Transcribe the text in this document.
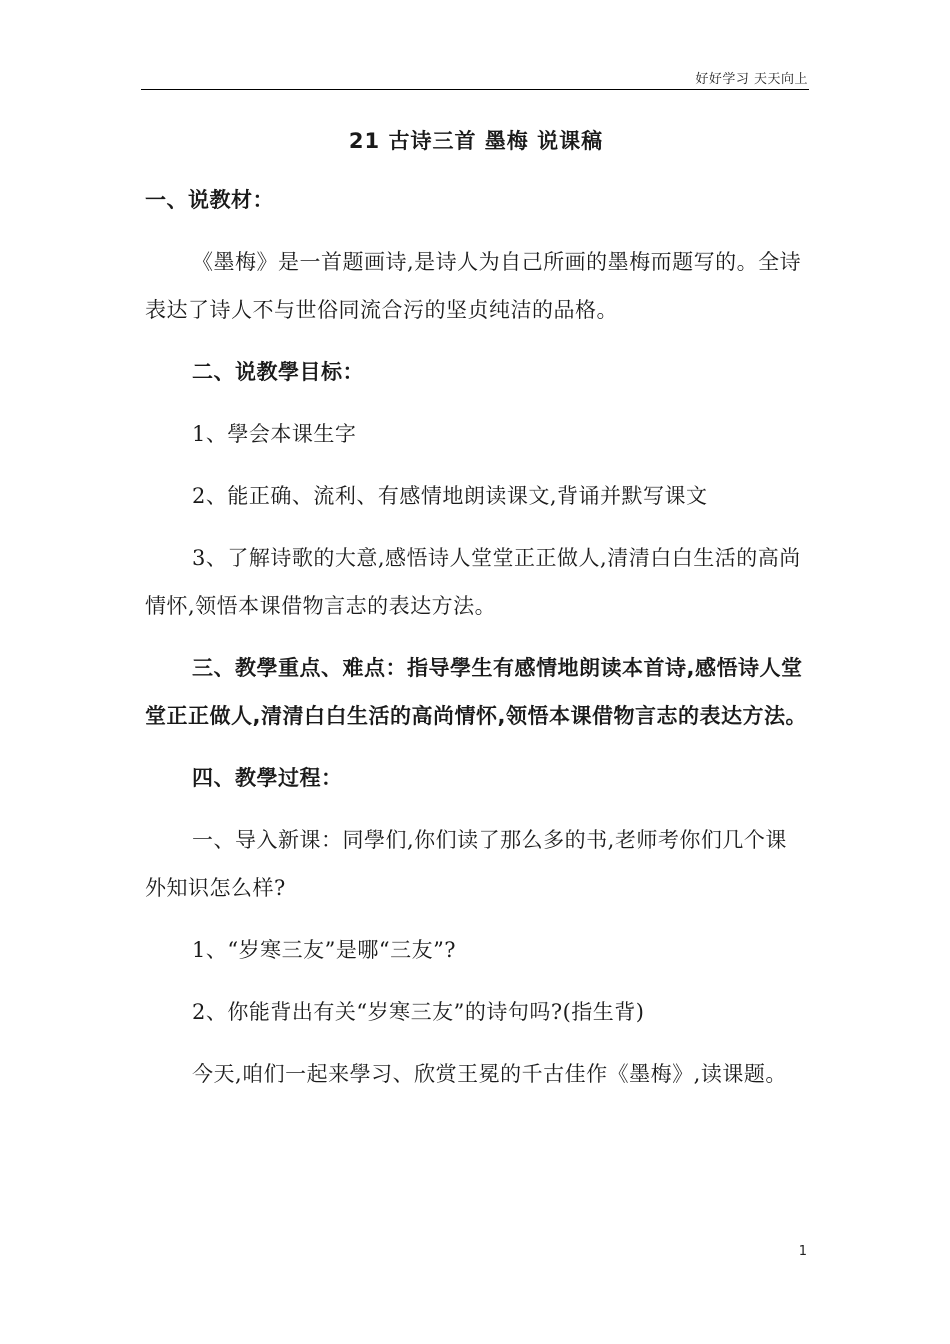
好好学习 天天向上

21 古诗三首 墨梅 说课稿

一、说教材：

《墨梅》是一首题画诗,是诗人为自己所画的墨梅而题写的。全诗表达了诗人不与世俗同流合污的坚贞纯洁的品格。

二、说教學目标：

1、學会本课生字

2、能正确、流利、有感情地朗读课文,背诵并默写课文

3、了解诗歌的大意,感悟诗人堂堂正正做人,清清白白生活的高尚情怀,领悟本课借物言志的表达方法。

三、教學重点、难点：指导學生有感情地朗读本首诗,感悟诗人堂堂正正做人,清清白白生活的高尚情怀,领悟本课借物言志的表达方法。

四、教學过程：

一、导入新课：同學们,你们读了那么多的书,老师考你们几个课外知识怎么样?

1、“岁寒三友”是哪“三友”?

2、你能背出有关“岁寒三友”的诗句吗?(指生背)

今天,咱们一起来學习、欣赏王冕的千古佳作《墨梅》,读课题。

1
